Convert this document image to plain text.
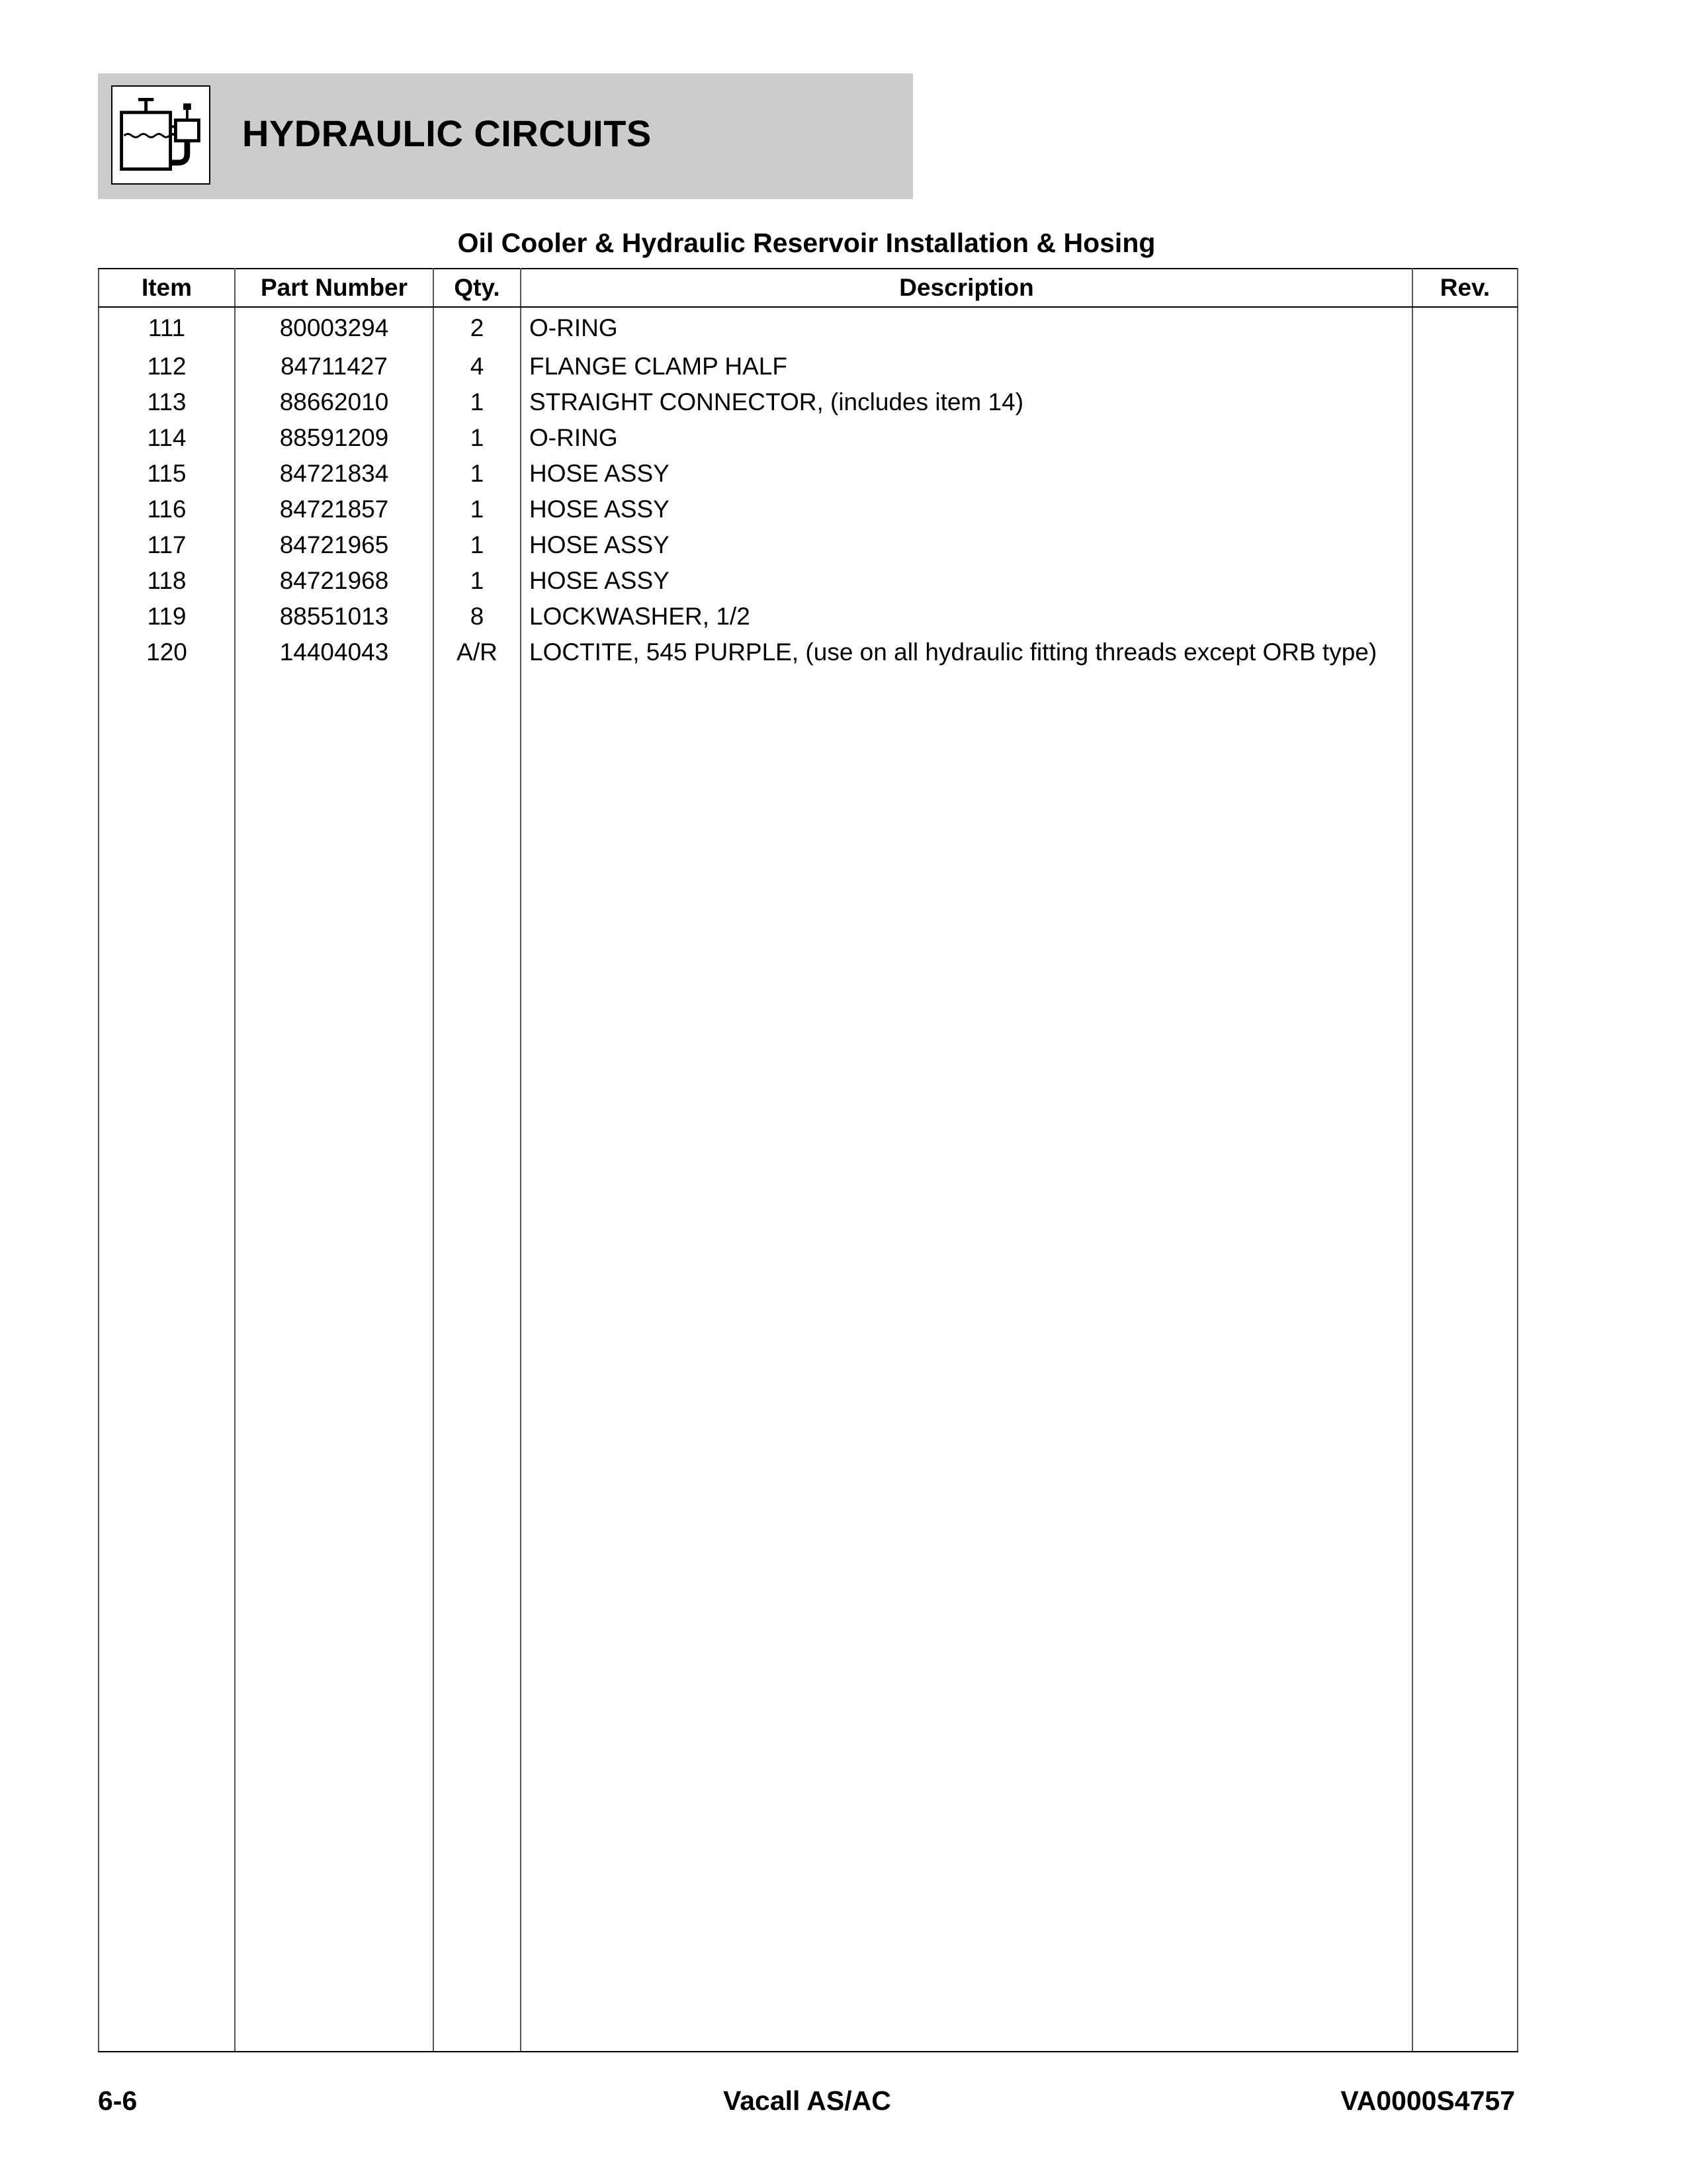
HYDRAULIC CIRCUITS
Oil Cooler & Hydraulic Reservoir Installation & Hosing
Item	Part Number	Qty.	Description	Rev.
111	80003294	2	O-RING	
112	84711427	4	FLANGE CLAMP HALF	
113	88662010	1	STRAIGHT CONNECTOR, (includes item 14)	
114	88591209	1	O-RING	
115	84721834	1	HOSE ASSY	
116	84721857	1	HOSE ASSY	
117	84721965	1	HOSE ASSY	
118	84721968	1	HOSE ASSY	
119	88551013	8	LOCKWASHER, 1/2	
120	14404043	A/R	LOCTITE, 545 PURPLE, (use on all hydraulic fitting threads except ORB type)	

6-6	Vacall AS/AC	VA0000S4757
